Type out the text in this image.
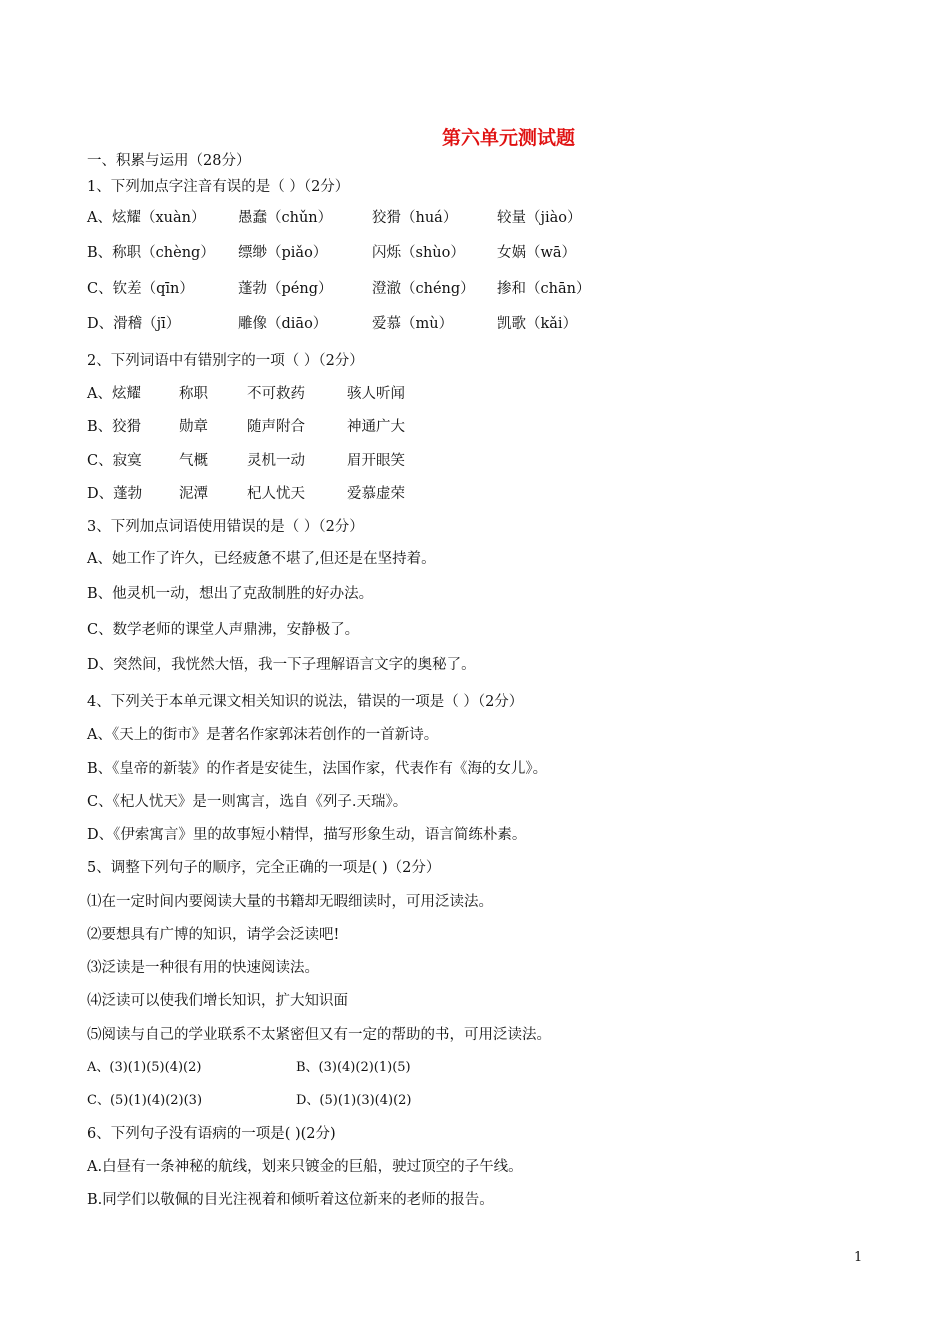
第六单元测试题
一、积累与运用（28分）
1、下列加点字注音有误的是（ ）（2分）
A、炫耀（xuàn） 愚蠢（chǔn）	狡猾（huá）	较量（jiào）
B、称职（chèng） 缥缈（piǎo）	闪烁（shùo） 女娲（wā）
C、钦差（qīn）	蓬勃（péng）	澄澈（chéng） 掺和（chān）
D、滑稽（jī）	雕像（diāo）	爱慕（mù）	凯歌（kǎi）
2、下列词语中有错别字的一项（ ）（2分）
A、炫耀	称职	不可救药	骇人听闻
B、狡猾	勋章	随声附合	神通广大
C、寂寞	气概	灵机一动	眉开眼笑
D、蓬勃	泥潭	杞人忧天	爱慕虚荣
3、下列加点词语使用错误的是（ ）（2分）
A、她工作了许久，已经疲惫不堪了,但还是在坚持着。
B、他灵机一动，想出了克敌制胜的好办法。
C、数学老师的课堂人声鼎沸，安静极了。
D、突然间，我恍然大悟，我一下子理解语言文字的奥秘了。
4、下列关于本单元课文相关知识的说法，错误的一项是（ ）（2分）
A、《天上的街市》是著名作家郭沫若创作的一首新诗。
B、《皇帝的新装》的作者是安徒生，法国作家，代表作有《海的女儿》。
C、《杞人忧天》是一则寓言，选自《列子.天瑞》。
D、《伊索寓言》里的故事短小精悍，描写形象生动，语言简练朴素。
5、调整下列句子的顺序，完全正确的一项是( )（2分）
⑴在一定时间内要阅读大量的书籍却无暇细读时，可用泛读法。
⑵要想具有广博的知识，请学会泛读吧!
⑶泛读是一种很有用的快速阅读法。
⑷泛读可以使我们增长知识，扩大知识面
⑸阅读与自己的学业联系不太紧密但又有一定的帮助的书，可用泛读法。
A、(3)(1)(5)(4)(2)	B、(3)(4)(2)(1)(5)
C、(5)(1)(4)(2)(3)	D、(5)(1)(3)(4)(2)
6、下列句子没有语病的一项是( )(2分)
A.白昼有一条神秘的航线，划来只镀金的巨船，驶过顶空的子午线。
B.同学们以敬佩的目光注视着和倾听着这位新来的老师的报告。
1
